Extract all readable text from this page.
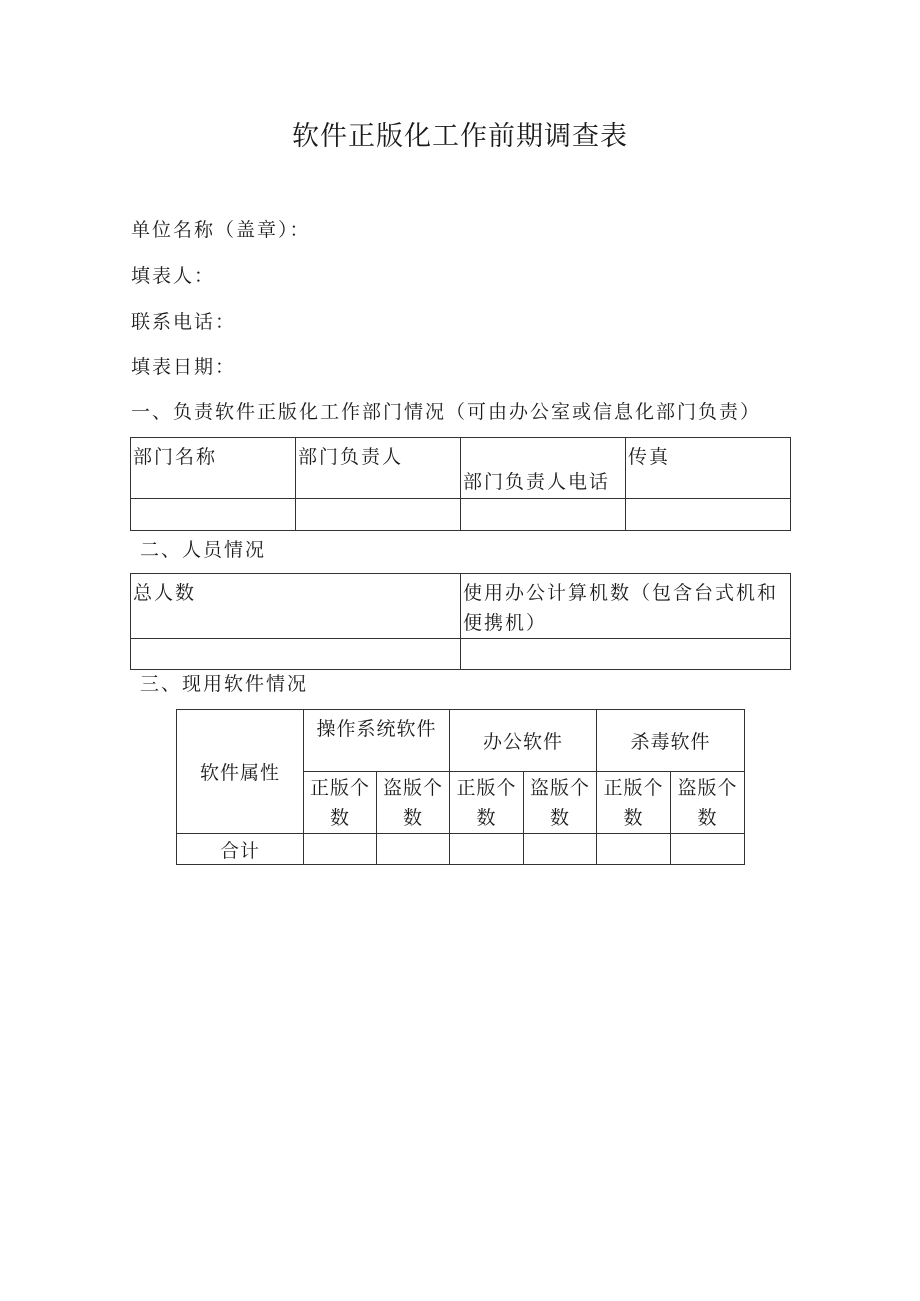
软件正版化工作前期调查表
单位名称（盖章）：
填表人：
联系电话：
填表日期：
一、负责软件正版化工作部门情况（可由办公室或信息化部门负责）
部门名称	部门负责人	部门负责人电话	传真

二、人员情况
总人数	使用办公计算机数（包含台式机和便携机）

三、现用软件情况
软件属性	操作系统软件		办公软件		杀毒软件	
	正版个数	盗版个数	正版个数	盗版个数	正版个数	盗版个数
合计						
